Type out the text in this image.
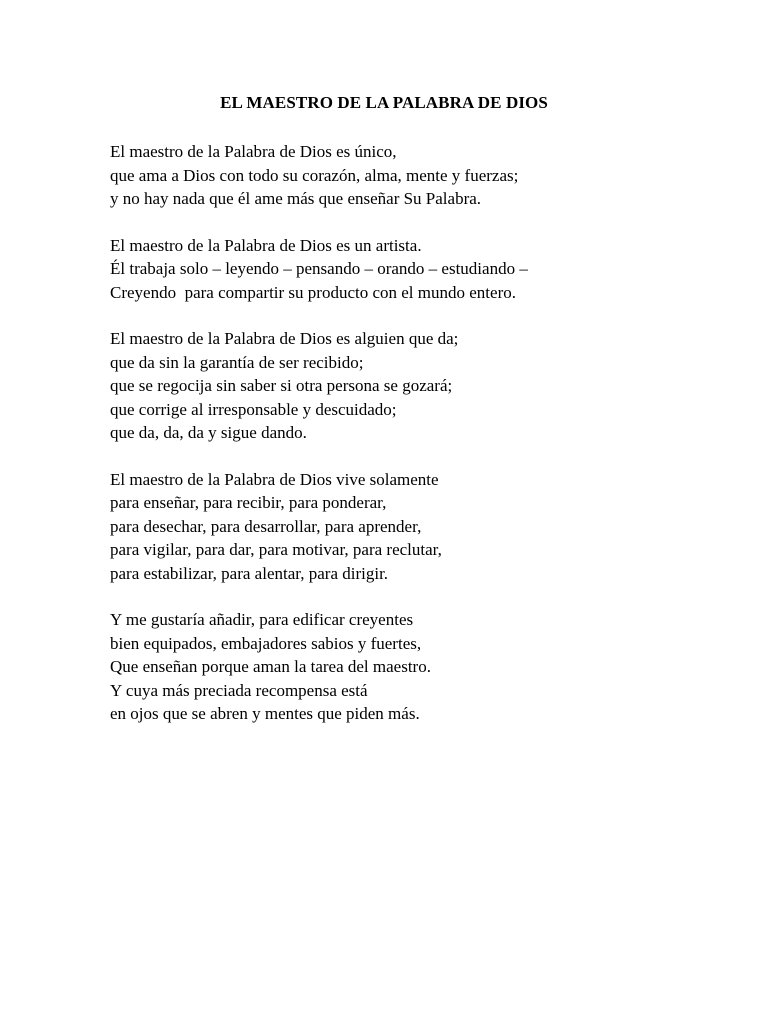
EL MAESTRO DE LA PALABRA DE DIOS
El maestro de la Palabra de Dios es único,
que ama a Dios con todo su corazón, alma, mente y fuerzas;
y no hay nada que él ame más que enseñar Su Palabra.
El maestro de la Palabra de Dios es un artista.
Él trabaja solo – leyendo – pensando – orando – estudiando –
Creyendo  para compartir su producto con el mundo entero.
El maestro de la Palabra de Dios es alguien que da;
que da sin la garantía de ser recibido;
que se regocija sin saber si otra persona se gozará;
que corrige al irresponsable y descuidado;
que da, da, da y sigue dando.
El maestro de la Palabra de Dios vive solamente
para enseñar, para recibir, para ponderar,
para desechar, para desarrollar, para aprender,
para vigilar, para dar, para motivar, para reclutar,
para estabilizar, para alentar, para dirigir.
Y me gustaría añadir, para edificar creyentes
bien equipados, embajadores sabios y fuertes,
Que enseñan porque aman la tarea del maestro.
Y cuya más preciada recompensa está
en ojos que se abren y mentes que piden más.
